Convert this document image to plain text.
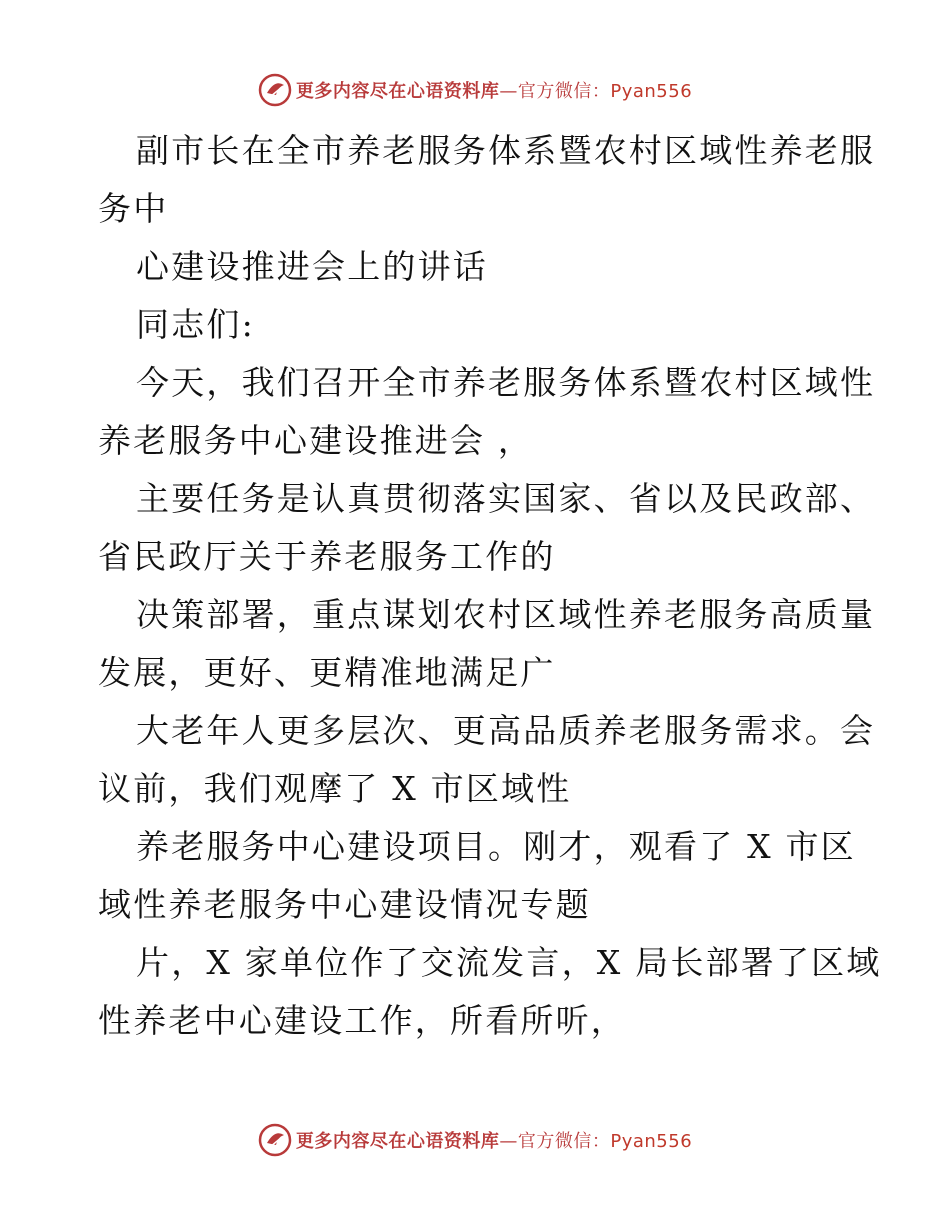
更多内容尽在心语资料库—官方微信：Pyan556
副市长在全市养老服务体系暨农村区域性养老服
务中
心建设推进会上的讲话
同志们:
今天，我们召开全市养老服务体系暨农村区域性
养老服务中心建设推进会 ，
主要任务是认真贯彻落实国家、省以及民政部、
省民政厅关于养老服务工作的
决策部署，重点谋划农村区域性养老服务高质量
发展，更好、更精准地满足广
大老年人更多层次、更高品质养老服务需求。会
议前，我们观摩了 X 市区域性
养老服务中心建设项目。刚才，观看了 X 市区
域性养老服务中心建设情况专题
片，X 家单位作了交流发言，X 局长部署了区域
性养老中心建设工作，所看所听，
更多内容尽在心语资料库—官方微信：Pyan556
